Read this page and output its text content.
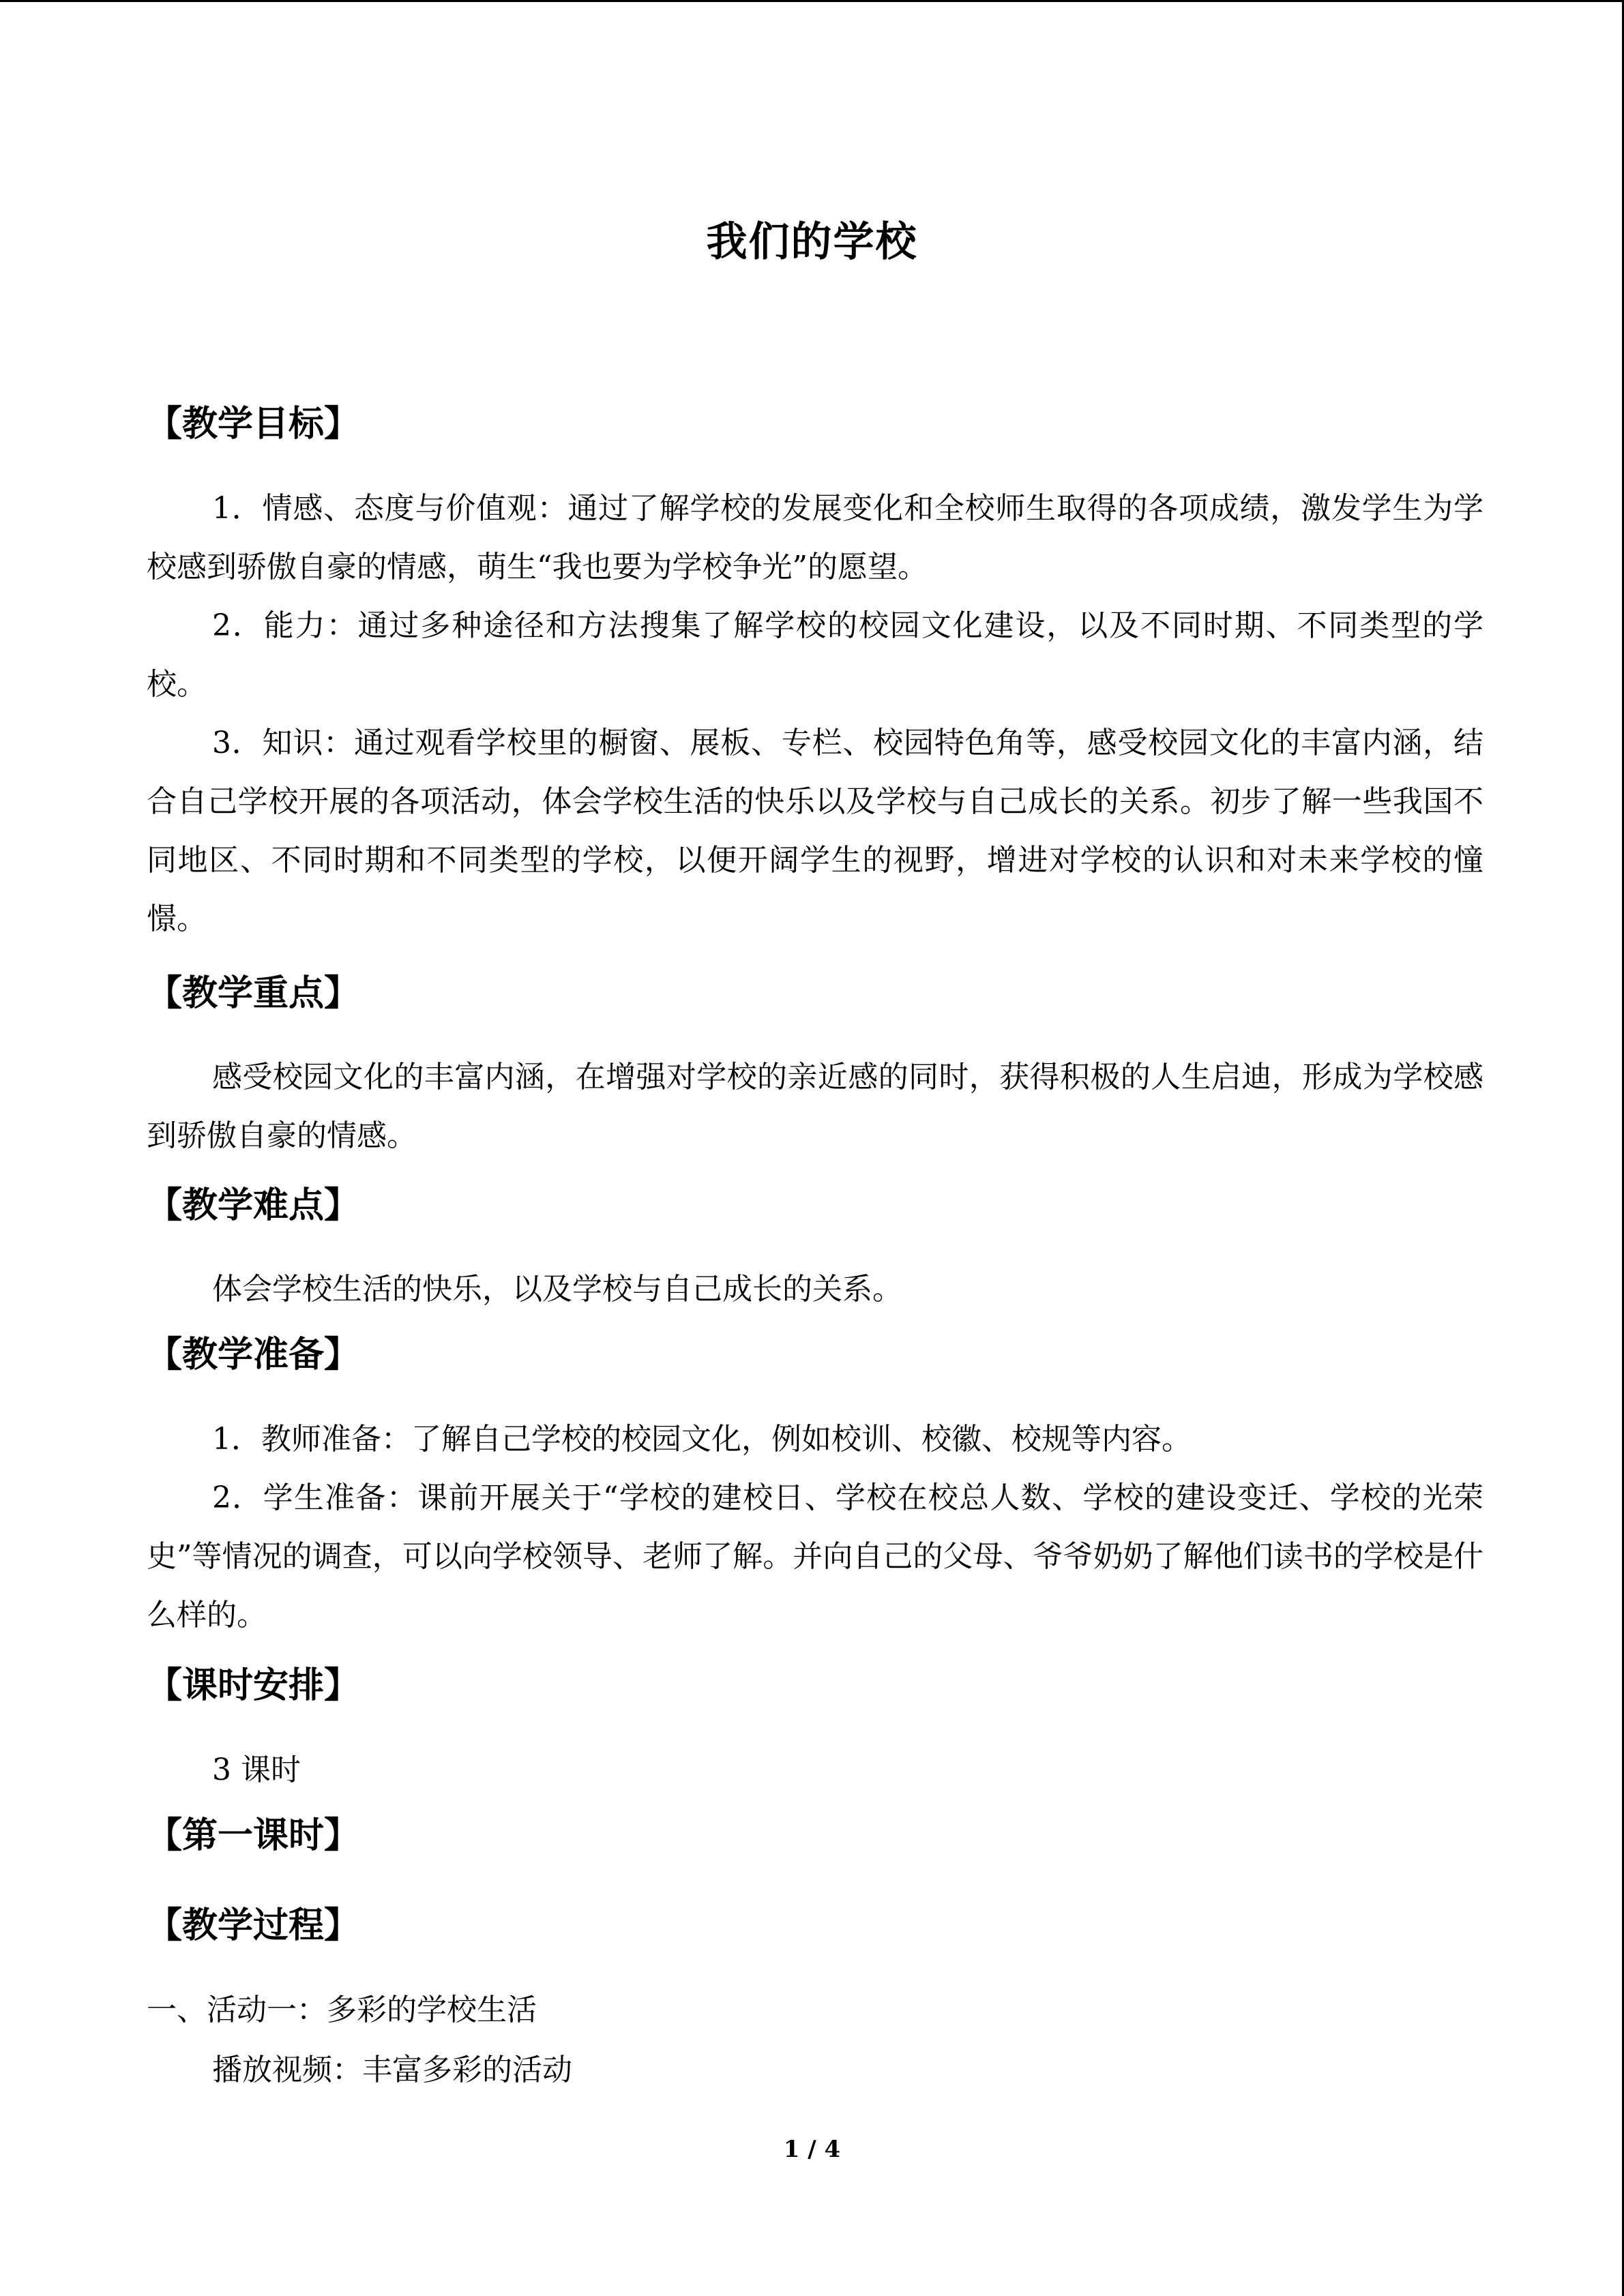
我们的学校
【教学目标】
1．情感、态度与价值观：通过了解学校的发展变化和全校师生取得的各项成绩，激发学生为学校感到骄傲自豪的情感，萌生“我也要为学校争光”的愿望。
2．能力：通过多种途径和方法搜集了解学校的校园文化建设，以及不同时期、不同类型的学校。
3．知识：通过观看学校里的橱窗、展板、专栏、校园特色角等，感受校园文化的丰富内涵，结合自己学校开展的各项活动，体会学校生活的快乐以及学校与自己成长的关系。初步了解一些我国不同地区、不同时期和不同类型的学校，以便开阔学生的视野，增进对学校的认识和对未来学校的憧憬。
【教学重点】
感受校园文化的丰富内涵，在增强对学校的亲近感的同时，获得积极的人生启迪，形成为学校感到骄傲自豪的情感。
【教学难点】
体会学校生活的快乐，以及学校与自己成长的关系。
【教学准备】
1．教师准备：了解自己学校的校园文化，例如校训、校徽、校规等内容。
2．学生准备：课前开展关于“学校的建校日、学校在校总人数、学校的建设变迁、学校的光荣史”等情况的调查，可以向学校领导、老师了解。并向自己的父母、爷爷奶奶了解他们读书的学校是什么样的。
【课时安排】
3 课时
【第一课时】
【教学过程】
一、活动一：多彩的学校生活
播放视频：丰富多彩的活动
1 / 4
